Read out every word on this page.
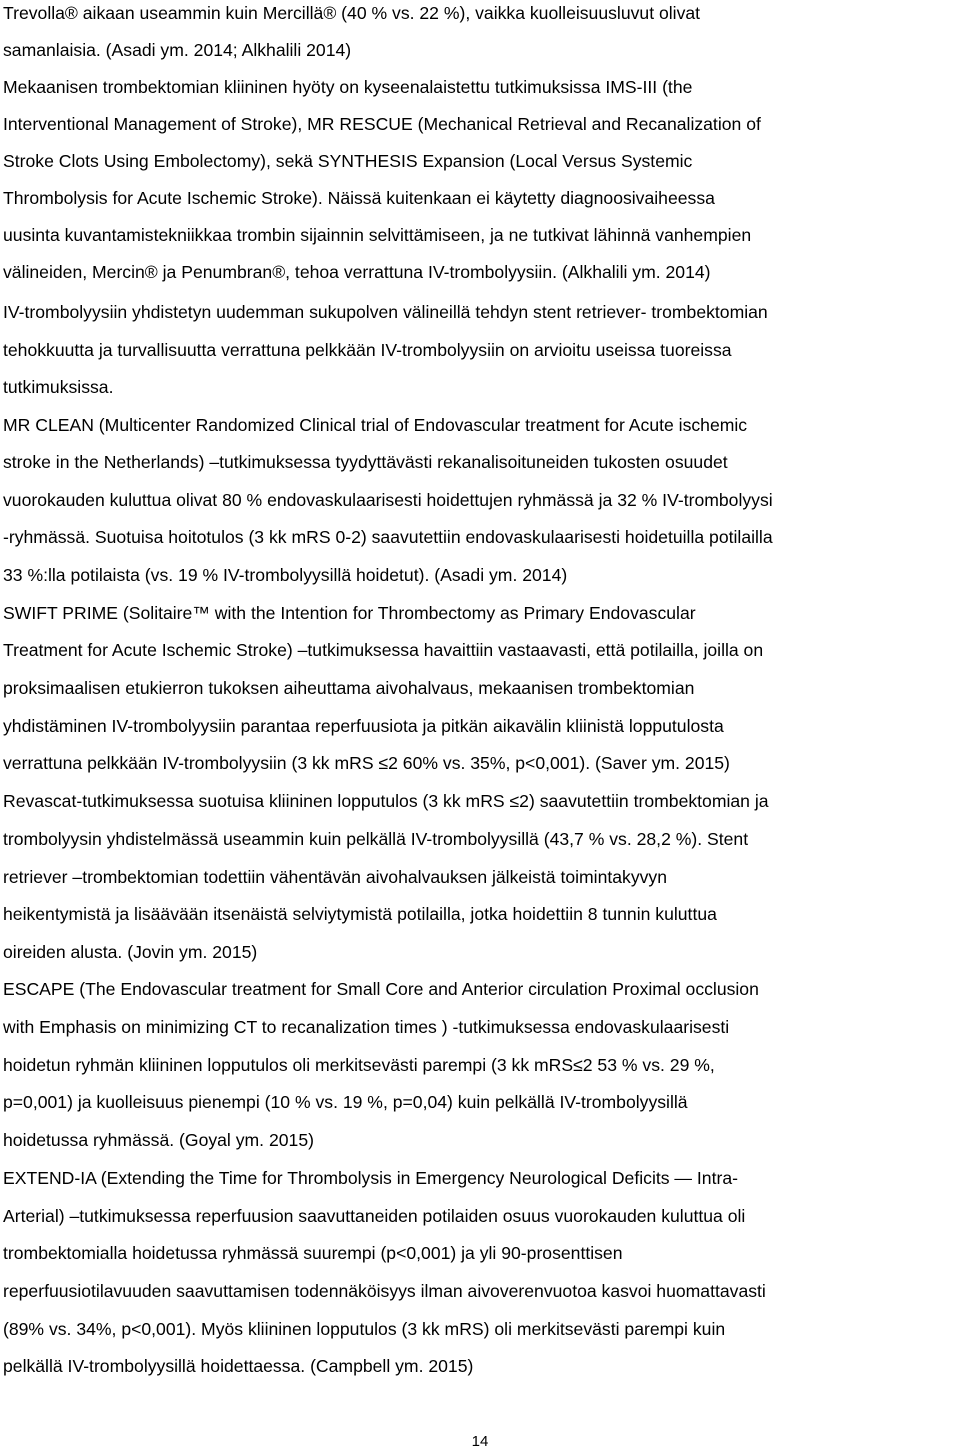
Trevolla® aikaan useammin kuin Mercillä® (40 % vs. 22 %), vaikka kuolleisuusluvut olivat
samanlaisia. (Asadi ym. 2014; Alkhalili 2014)
Mekaanisen trombektomian kliininen hyöty on kyseenalaistettu tutkimuksissa IMS-III (the
Interventional Management of Stroke), MR RESCUE (Mechanical Retrieval and Recanalization of
Stroke Clots Using Embolectomy), sekä SYNTHESIS Expansion (Local Versus Systemic
Thrombolysis for Acute Ischemic Stroke). Näissä kuitenkaan ei käytetty diagnoosivaiheessa
uusinta kuvantamistekniikkaa trombin sijainnin selvittämiseen, ja ne tutkivat lähinnä vanhempien
välineiden, Mercin® ja Penumbran®, tehoa verrattuna IV-trombolyysiin. (Alkhalili ym. 2014)
IV-trombolyysiin yhdistetyn uudemman sukupolven välineillä tehdyn stent retriever- trombektomian
tehokkuutta ja turvallisuutta verrattuna pelkkään IV-trombolyysiin on arvioitu useissa tuoreissa
tutkimuksissa.
MR CLEAN (Multicenter Randomized Clinical trial of Endovascular treatment for Acute ischemic
stroke in the Netherlands) –tutkimuksessa tyydyttävästi rekanalisoituneiden tukosten osuudet
vuorokauden kuluttua olivat 80 % endovaskulaarisesti hoidettujen ryhmässä ja 32 % IV-trombolyysi
-ryhmässä. Suotuisa hoitotulos (3 kk mRS 0-2) saavutettiin endovaskulaarisesti hoidetuilla potilailla
33 %:lla potilaista (vs. 19 % IV-trombolyysillä hoidetut). (Asadi ym. 2014)
SWIFT PRIME (Solitaire™ with the Intention for Thrombectomy as Primary Endovascular
Treatment for Acute Ischemic Stroke) –tutkimuksessa havaittiin vastaavasti, että potilailla, joilla on
proksimaalisen etukierron tukoksen aiheuttama aivohalvaus, mekaanisen trombektomian
yhdistäminen IV-trombolyysiin parantaa reperfuusiota ja pitkän aikavälin kliinistä lopputulosta
verrattuna pelkkään IV-trombolyysiin (3 kk mRS ≤2 60% vs. 35%, p<0,001). (Saver ym. 2015)
Revascat-tutkimuksessa suotuisa kliininen lopputulos (3 kk mRS ≤2) saavutettiin trombektomian ja
trombolyysin yhdistelmässä useammin kuin pelkällä IV-trombolyysillä (43,7 % vs. 28,2 %). Stent
retriever –trombektomian todettiin vähentävän aivohalvauksen jälkeistä toimintakyvyn
heikentymistä ja lisäävään itsenäistä selviytymistä potilailla, jotka hoidettiin 8 tunnin kuluttua
oireiden alusta. (Jovin ym. 2015)
ESCAPE (The Endovascular treatment for Small Core and Anterior circulation Proximal occlusion
with Emphasis on minimizing CT to recanalization times ) -tutkimuksessa endovaskulaarisesti
hoidetun ryhmän kliininen lopputulos oli merkitsevästi parempi (3 kk mRS≤2 53 % vs. 29 %,
p=0,001) ja kuolleisuus pienempi (10 % vs. 19 %, p=0,04) kuin pelkällä IV-trombolyysillä
hoidetussa ryhmässä. (Goyal ym. 2015)
EXTEND-IA (Extending the Time for Thrombolysis in Emergency Neurological Deficits — Intra-
Arterial) –tutkimuksessa reperfuusion saavuttaneiden potilaiden osuus vuorokauden kuluttua oli
trombektomialla hoidetussa ryhmässä suurempi (p<0,001) ja yli 90-prosenttisen
reperfuusiotilavuuden saavuttamisen todennäköisyys ilman aivoverenvuotoa kasvoi huomattavasti
(89% vs. 34%, p<0,001). Myös kliininen lopputulos (3 kk mRS) oli merkitsevästi parempi kuin
pelkällä IV-trombolyysillä hoidettaessa. (Campbell ym. 2015)
14
